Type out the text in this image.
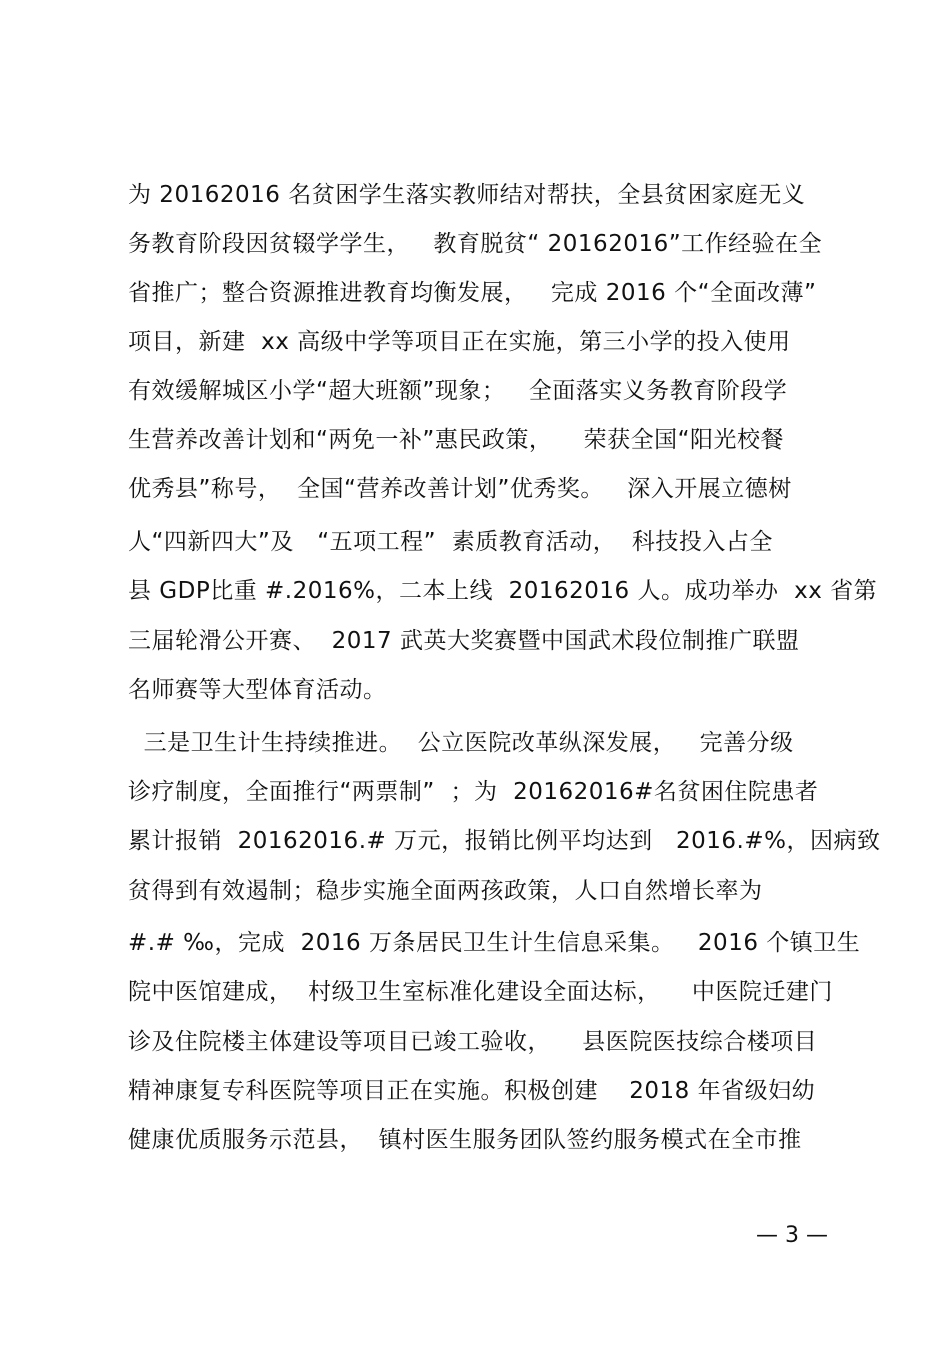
为 20162016 名贫困学生落实教师结对帮扶，全县贫困家庭无义
务教育阶段因贫辍学学生，   教育脱贫“ 20162016”工作经验在全
省推广；整合资源推进教育均衡发展，   完成 2016 个“全面改薄”
项目，新建  xx 高级中学等项目正在实施，第三小学的投入使用
有效缓解城区小学“超大班额”现象；   全面落实义务教育阶段学
生营养改善计划和“两免一补”惠民政策，    荣获全国“阳光校餐
优秀县”称号，  全国“营养改善计划”优秀奖。   深入开展立德树
人“四新四大”及   “五项工程”  素质教育活动，  科技投入占全
县 GDP比重 #.2016%，二本上线  20162016 人。成功举办  xx 省第
三届轮滑公开赛、  2017 武英大奖赛暨中国武术段位制推广联盟
名师赛等大型体育活动。
三是卫生计生持续推进。  公立医院改革纵深发展，   完善分级
诊疗制度，全面推行“两票制”  ；为  20162016#名贫困住院患者
累计报销  20162016.# 万元，报销比例平均达到   2016.#%，因病致
贫得到有效遏制；稳步实施全面两孩政策，人口自然增长率为
#.# ‰，完成  2016 万条居民卫生计生信息采集。   2016 个镇卫生
院中医馆建成，  村级卫生室标准化建设全面达标，    中医院迁建门
诊及住院楼主体建设等项目已竣工验收，    县医院医技综合楼项目
精神康复专科医院等项目正在实施。积极创建    2018 年省级妇幼
健康优质服务示范县，  镇村医生服务团队签约服务模式在全市推
— 3 —
